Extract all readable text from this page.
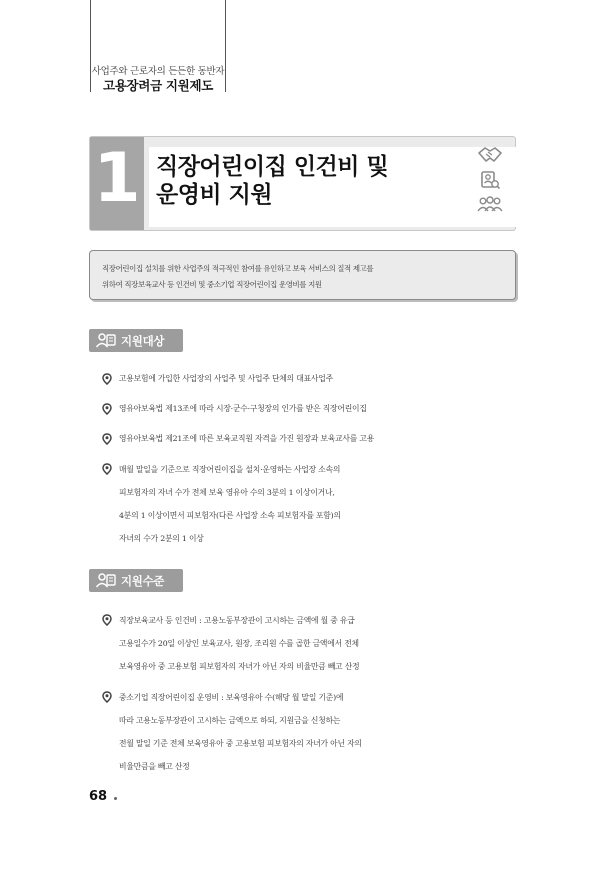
사업주와 근로자의 든든한 동반자
고용장려금 지원제도
1 직장어린이집 인건비 및
운영비 지원
직장어린이집 설치를 위한 사업주의 적극적인 참여를 유인하고 보육 서비스의 질적 제고를
위하여 직장보육교사 등 인건비 및 중소기업 직장어린이집 운영비를 지원
지원대상
고용보험에 가입한 사업장의 사업주 및 사업주 단체의 대표사업주
영유아보육법 제13조에 따라 시장·군수·구청장의 인가를 받은 직장어린이집
영유아보육법 제21조에 따른 보육교직원 자격을 가진 원장과 보육교사를 고용
매월 말일을 기준으로 직장어린이집을 설치·운영하는 사업장 소속의
피보험자의 자녀 수가 전체 보육 영유아 수의 3분의 1 이상이거나,
4분의 1 이상이면서 피보험자(다른 사업장 소속 피보험자를 포함)의
자녀의 수가 2분의 1 이상
지원수준
직장보육교사 등 인건비 : 고용노동부장관이 고시하는 금액에 월 중 유급
고용일수가 20일 이상인 보육교사, 원장, 조리원 수를 곱한 금액에서 전체
보육영유아 중 고용보험 피보험자의 자녀가 아닌 자의 비율만큼 빼고 산정
중소기업 직장어린이집 운영비 : 보육영유아 수(해당 월 말일 기준)에
따라 고용노동부장관이 고시하는 금액으로 하되, 지원금을 신청하는
전월 말일 기준 전체 보육영유아 중 고용보험 피보험자의 자녀가 아닌 자의
비율만큼을 빼고 산정
68
